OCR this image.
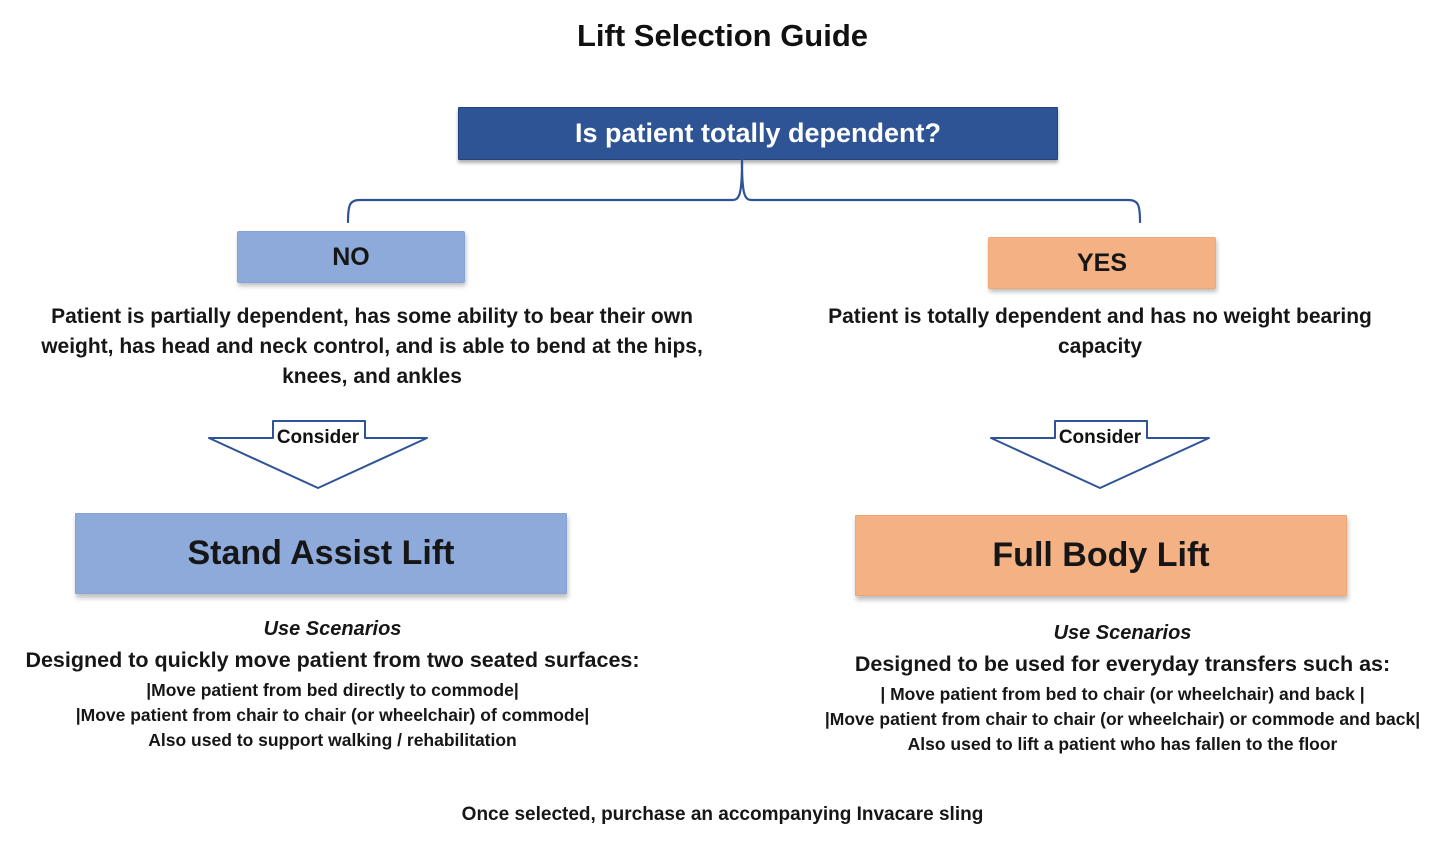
Lift Selection Guide
Is patient totally dependent?
NO	YES
Patient is partially dependent, has some ability to bear their own weight, has head and neck control, and is able to bend at the hips, knees, and ankles
Patient is totally dependent and has no weight bearing capacity
Consider	Consider
Stand Assist Lift	Full Body Lift
Use Scenarios
Designed to quickly move patient from two seated surfaces:
|Move patient from bed directly to commode|
|Move patient from chair to chair (or wheelchair) of commode|
Also used to support walking / rehabilitation
Use Scenarios
Designed to be used for everyday transfers such as:
| Move patient from bed to chair (or wheelchair) and back |
|Move patient from chair to chair (or wheelchair) or commode and back|
Also used to lift a patient who has fallen to the floor
Once selected, purchase an accompanying Invacare sling
